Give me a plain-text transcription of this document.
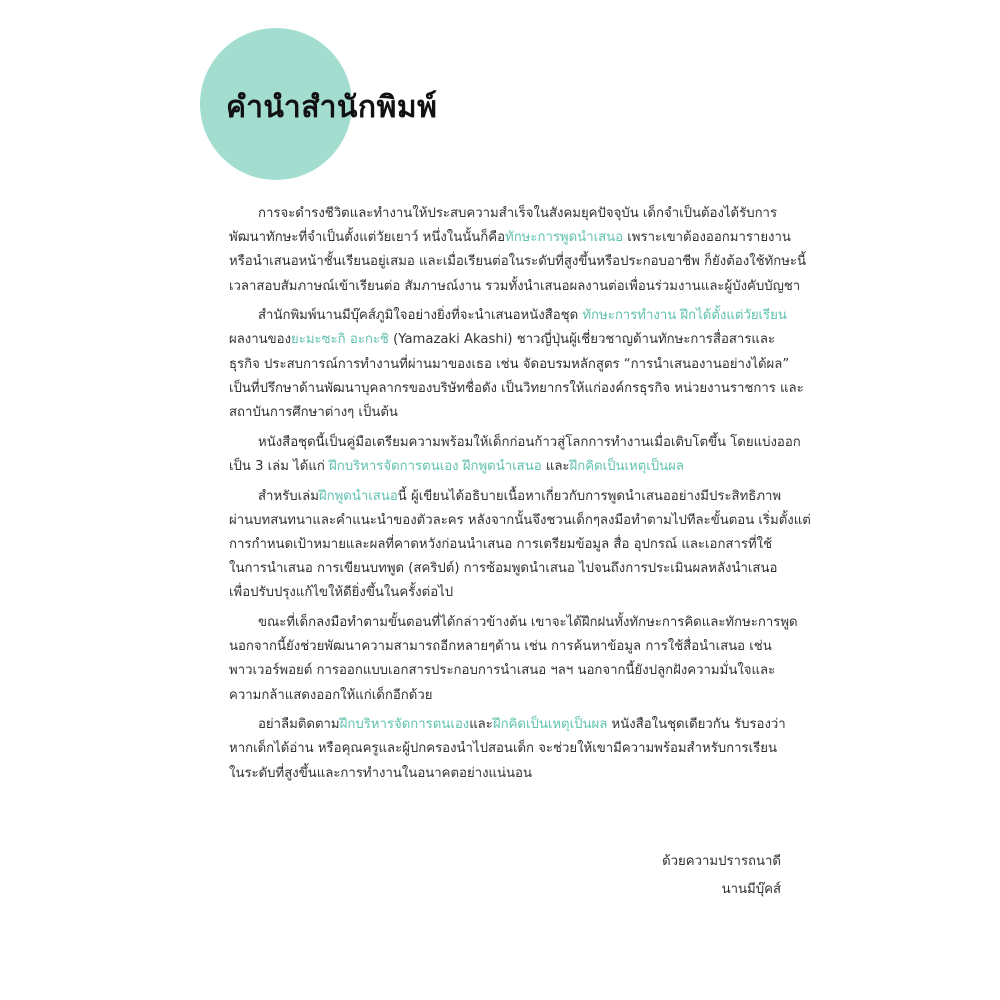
คำนำสำนักพิมพ์
การจะดำรงชีวิตและทำงานให้ประสบความสำเร็จในสังคมยุคปัจจุบัน เด็กจำเป็นต้องได้รับการ
พัฒนาทักษะที่จำเป็นตั้งแต่วัยเยาว์ หนึ่งในนั้นก็คือทักษะการพูดนำเสนอ เพราะเขาต้องออกมารายงาน
หรือนำเสนอหน้าชั้นเรียนอยู่เสมอ และเมื่อเรียนต่อในระดับที่สูงขึ้นหรือประกอบอาชีพ ก็ยังต้องใช้ทักษะนี้
เวลาสอบสัมภาษณ์เข้าเรียนต่อ สัมภาษณ์งาน รวมทั้งนำเสนอผลงานต่อเพื่อนร่วมงานและผู้บังคับบัญชา
สำนักพิมพ์นานมีบุ๊คส์ภูมิใจอย่างยิ่งที่จะนำเสนอหนังสือชุด ทักษะการทำงาน ฝึกได้ตั้งแต่วัยเรียน
ผลงานของยะมะซะกิ อะกะชิ (Yamazaki Akashi) ชาวญี่ปุ่นผู้เชี่ยวชาญด้านทักษะการสื่อสารและ
ธุรกิจ ประสบการณ์การทำงานที่ผ่านมาของเธอ เช่น จัดอบรมหลักสูตร “การนำเสนองานอย่างได้ผล”
เป็นที่ปรึกษาด้านพัฒนาบุคลากรของบริษัทชื่อดัง เป็นวิทยากรให้แก่องค์กรธุรกิจ หน่วยงานราชการ และ
สถาบันการศึกษาต่างๆ เป็นต้น
หนังสือชุดนี้เป็นคู่มือเตรียมความพร้อมให้เด็กก่อนก้าวสู่โลกการทำงานเมื่อเติบโตขึ้น โดยแบ่งออก
เป็น 3 เล่ม ได้แก่ ฝึกบริหารจัดการตนเอง ฝึกพูดนำเสนอ และฝึกคิดเป็นเหตุเป็นผล
สำหรับเล่มฝึกพูดนำเสนอนี้ ผู้เขียนได้อธิบายเนื้อหาเกี่ยวกับการพูดนำเสนออย่างมีประสิทธิภาพ
ผ่านบทสนทนาและคำแนะนำของตัวละคร หลังจากนั้นจึงชวนเด็กๆลงมือทำตามไปทีละขั้นตอน เริ่มตั้งแต่
การกำหนดเป้าหมายและผลที่คาดหวังก่อนนำเสนอ การเตรียมข้อมูล สื่อ อุปกรณ์ และเอกสารที่ใช้
ในการนำเสนอ การเขียนบทพูด (สคริปต์) การซ้อมพูดนำเสนอ ไปจนถึงการประเมินผลหลังนำเสนอ
เพื่อปรับปรุงแก้ไขให้ดียิ่งขึ้นในครั้งต่อไป
ขณะที่เด็กลงมือทำตามขั้นตอนที่ได้กล่าวข้างต้น เขาจะได้ฝึกฝนทั้งทักษะการคิดและทักษะการพูด
นอกจากนี้ยังช่วยพัฒนาความสามารถอีกหลายๆด้าน เช่น การค้นหาข้อมูล การใช้สื่อนำเสนอ เช่น
พาวเวอร์พอยต์ การออกแบบเอกสารประกอบการนำเสนอ ฯลฯ นอกจากนี้ยังปลูกฝังความมั่นใจและ
ความกล้าแสดงออกให้แก่เด็กอีกด้วย
อย่าลืมติดตามฝึกบริหารจัดการตนเองและฝึกคิดเป็นเหตุเป็นผล หนังสือในชุดเดียวกัน รับรองว่า
หากเด็กได้อ่าน หรือคุณครูและผู้ปกครองนำไปสอนเด็ก จะช่วยให้เขามีความพร้อมสำหรับการเรียน
ในระดับที่สูงขึ้นและการทำงานในอนาคตอย่างแน่นอน
ด้วยความปรารถนาดี
นานมีบุ๊คส์
